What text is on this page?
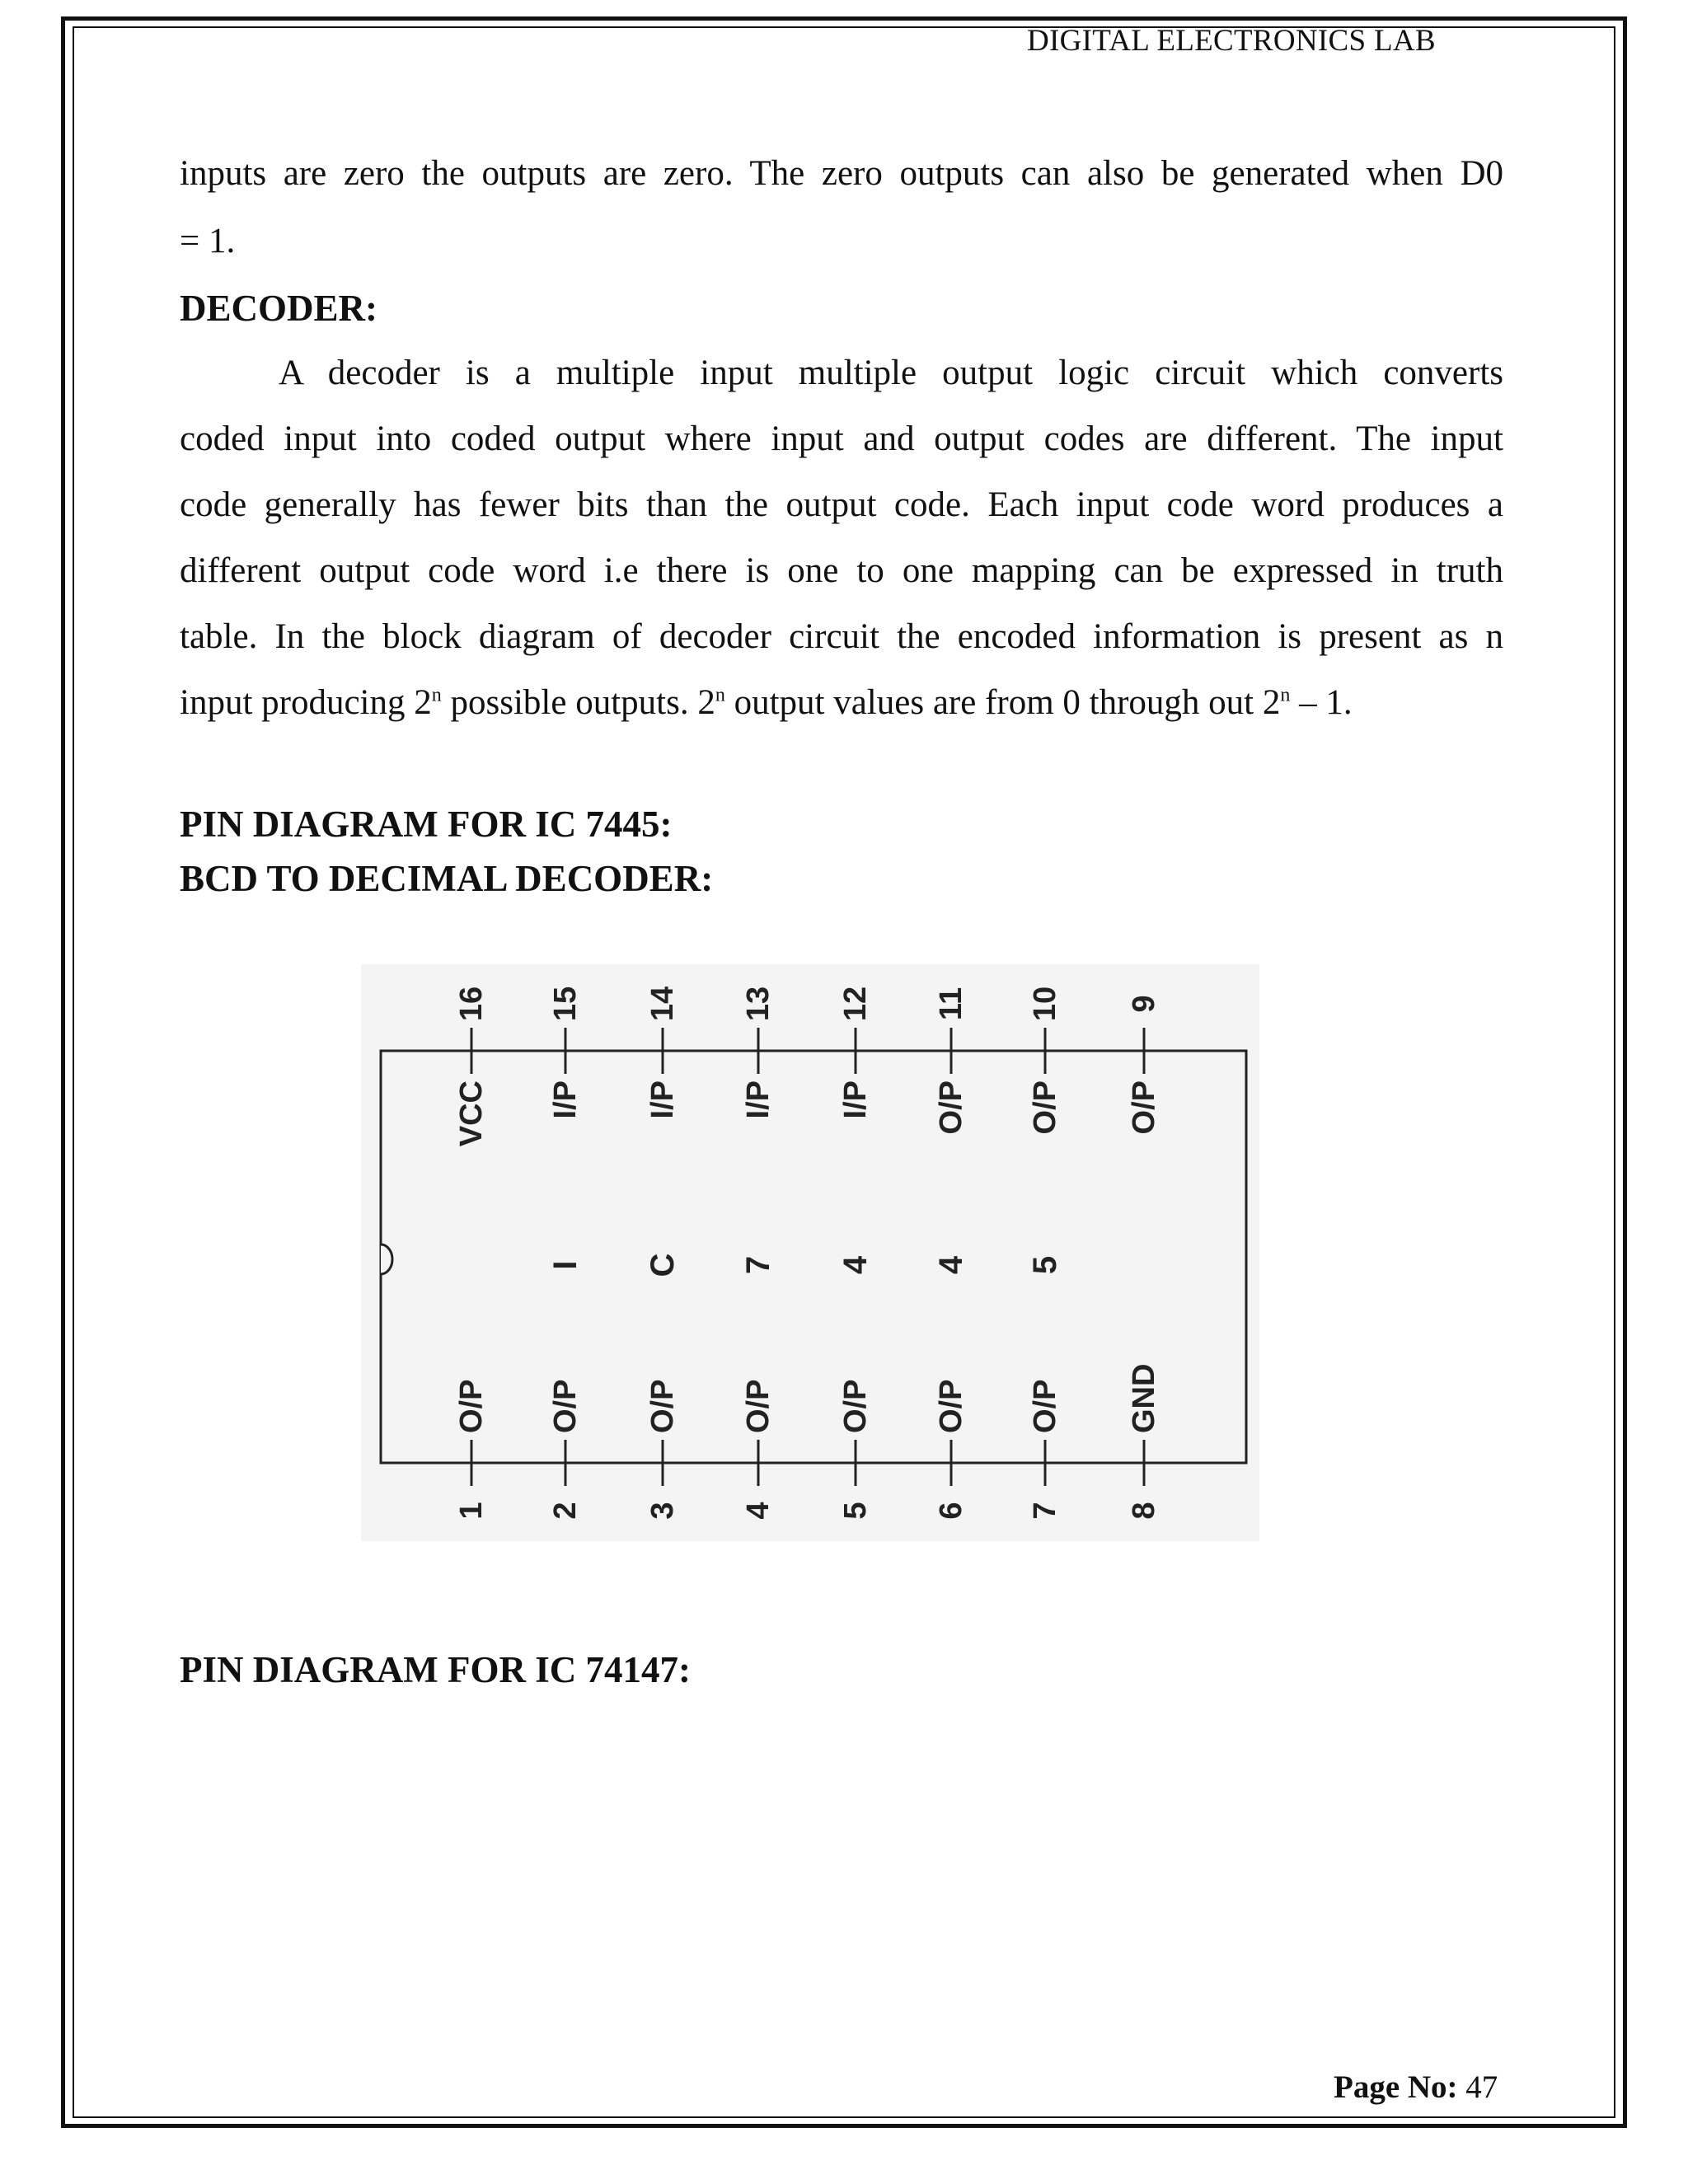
DIGITAL ELECTRONICS LAB
inputs are zero the outputs are zero. The zero outputs can also be generated when D0
= 1.
DECODER:
A decoder is a multiple input multiple output logic circuit which converts
coded input into coded output where input and output codes are different. The input
code generally has fewer bits than the output code. Each input code word produces a
different output code word i.e there is one to one mapping can be expressed in truth
table. In the block diagram of decoder circuit the encoded information is present as n
input producing 2$^n$ possible outputs. 2$^n$ output values are from 0 through out 2$^n$ – 1.
PIN DIAGRAM FOR IC 7445:
BCD TO DECIMAL DECODER:
16
VCC
15
I/P
14
I/P
13
I/P
12
I/P
11
O/P
10
O/P
9
O/P
1
O/P
2
O/P
3
O/P
4
O/P
5
O/P
6
O/P
7
O/P
8
GND
I C 7 4 4 5
PIN DIAGRAM FOR IC 74147:
Page No: 47
